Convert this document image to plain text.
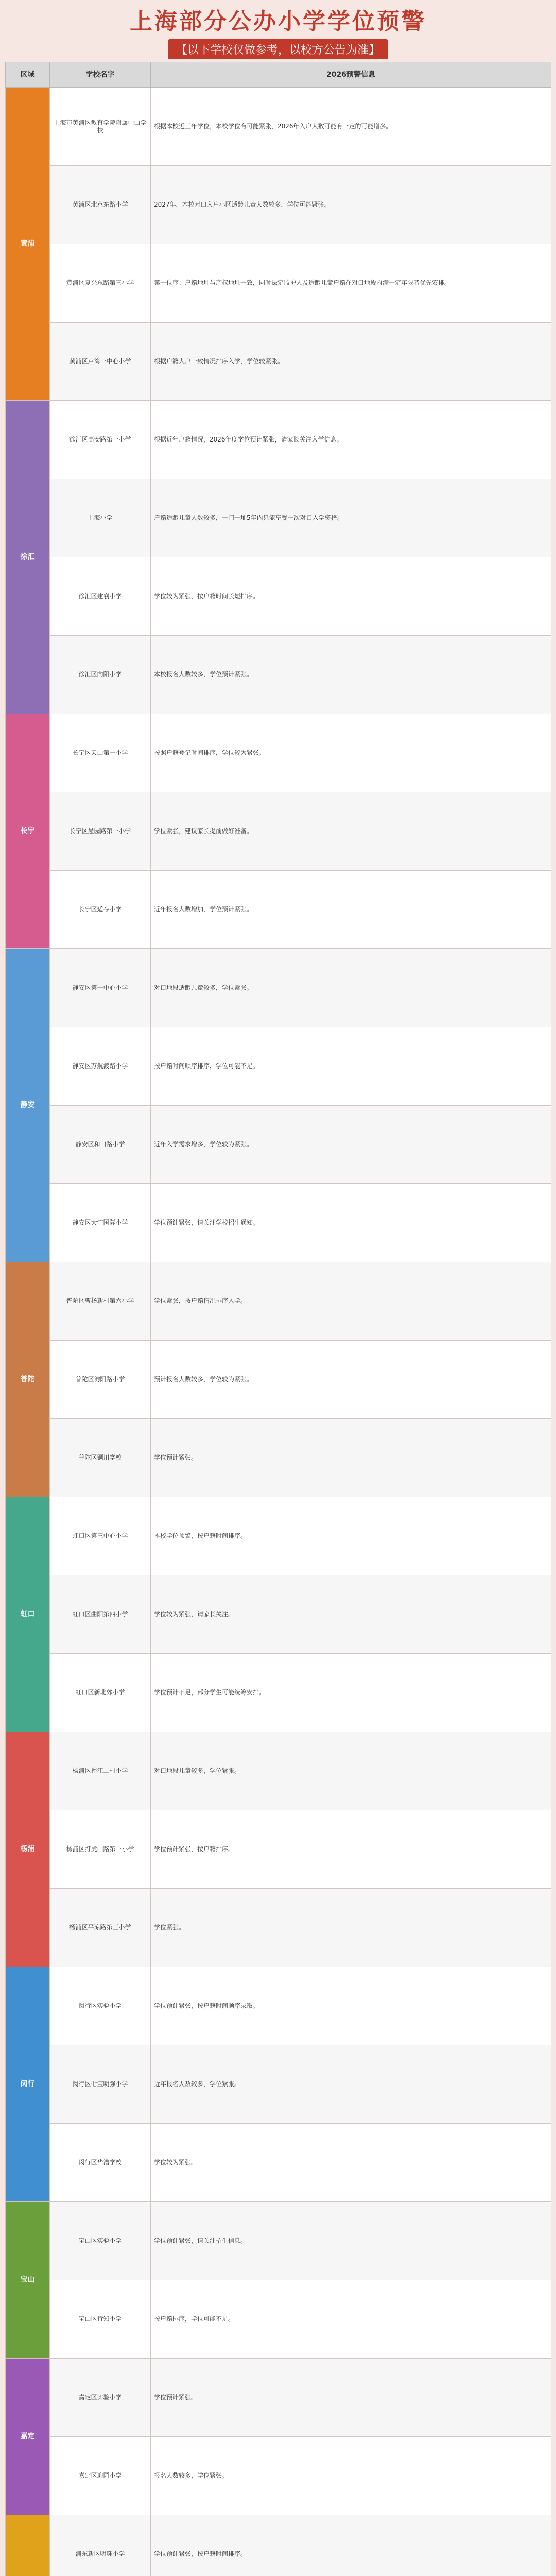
上海部分公办小学学位预警
【以下学校仅做参考，以校方公告为准】
区域	学校名字	2026预警信息
黄浦	上海市黄浦区教育学院附属中山学校	根据本校近三年学位，本校学位有可能紧张，2026年入户人数可能有一定的可能增多。
	黄浦区北京东路小学	2027年，本校对口入户小区适龄儿童人数较多，学位可能紧张。
	黄浦区复兴东路第三小学	第一位序：户籍地址与产权地址一致，同时法定监护人及适龄儿童户籍在对口地段内满一定年限者优先安排。
	黄浦区卢湾一中心小学	根据户籍人户一致情况排序入学，学位较紧张。
徐汇	徐汇区高安路第一小学	根据近年户籍情况，2026年度学位预计紧张，请家长关注入学信息。
	上海小学	户籍适龄儿童人数较多，一门一址5年内只能享受一次对口入学资格。
	徐汇区建襄小学	学位较为紧张，按户籍时间长短排序。
	徐汇区向阳小学	本校报名人数较多，学位预计紧张。
长宁	长宁区天山第一小学	按照户籍登记时间排序，学位较为紧张。
	长宁区愚园路第一小学	学位紧张，建议家长提前做好准备。
	长宁区适存小学	近年报名人数增加，学位预计紧张。
静安	静安区第一中心小学	对口地段适龄儿童较多，学位紧张。
	静安区万航渡路小学	按户籍时间顺序排序，学位可能不足。
	静安区和田路小学	近年入学需求增多，学位较为紧张。
	静安区大宁国际小学	学位预计紧张，请关注学校招生通知。
普陀	普陀区曹杨新村第六小学	学位紧张，按户籍情况排序入学。
	普陀区洵阳路小学	预计报名人数较多，学位较为紧张。
	普陀区铜川学校	学位预计紧张。
虹口	虹口区第三中心小学	本校学位预警，按户籍时间排序。
	虹口区曲阳第四小学	学位较为紧张，请家长关注。
	虹口区新北郊小学	学位预计不足，部分学生可能统筹安排。
杨浦	杨浦区控江二村小学	对口地段儿童较多，学位紧张。
	杨浦区打虎山路第一小学	学位预计紧张，按户籍排序。
	杨浦区平凉路第三小学	学位紧张。
闵行	闵行区实验小学	学位预计紧张，按户籍时间顺序录取。
	闵行区七宝明强小学	近年报名人数较多，学位紧张。
	闵行区华漕学校	学位较为紧张。
宝山	宝山区实验小学	学位预计紧张，请关注招生信息。
	宝山区行知小学	按户籍排序，学位可能不足。
嘉定	嘉定区实验小学	学位预计紧张。
	嘉定区迎园小学	报名人数较多，学位紧张。
	浦东新区明珠小学	学位预计紧张，按户籍时间排序。
